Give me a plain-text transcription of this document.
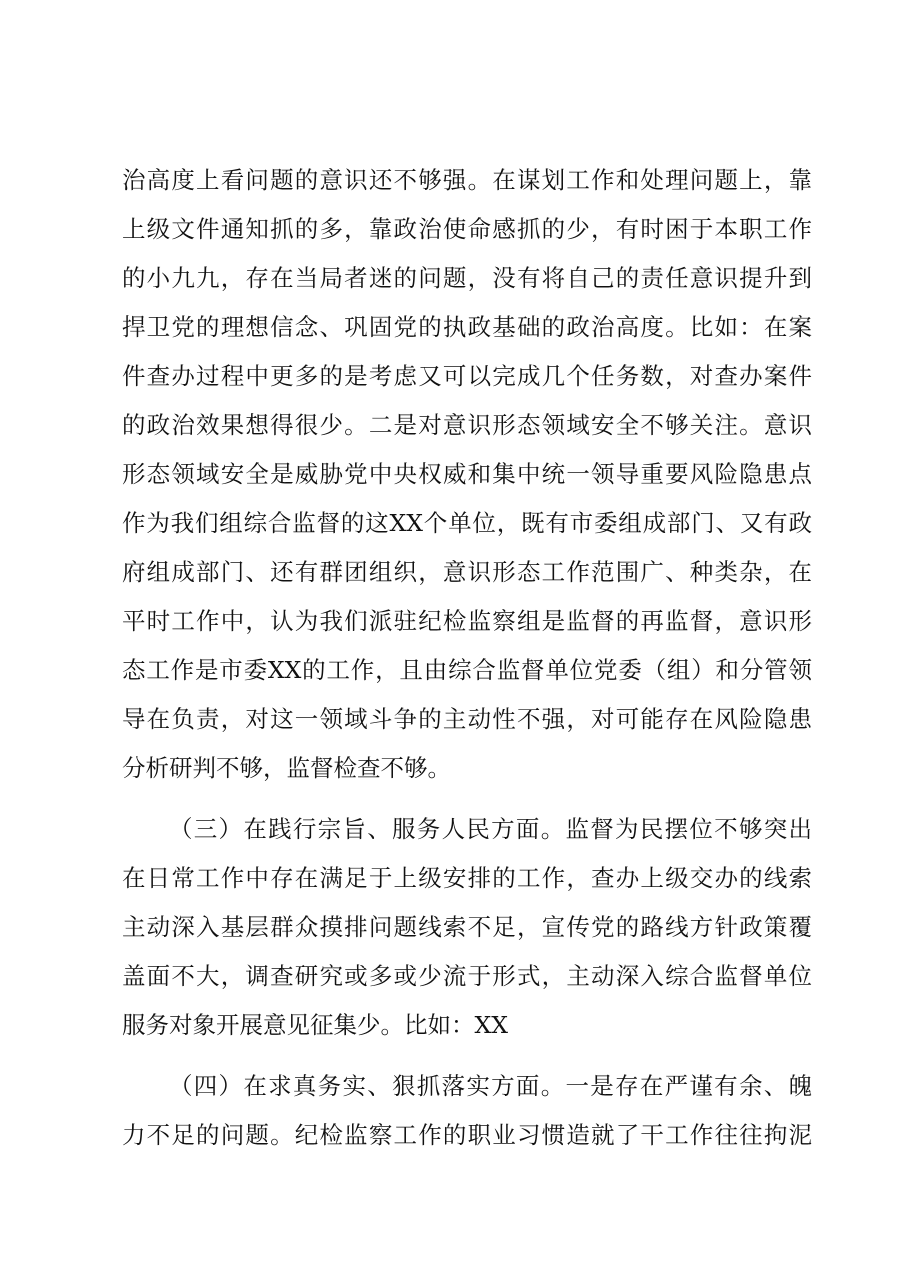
治高度上看问题的意识还不够强。在谋划工作和处理问题上，靠
上级文件通知抓的多，靠政治使命感抓的少，有时困于本职工作
的小九九，存在当局者迷的问题，没有将自己的责任意识提升到
捍卫党的理想信念、巩固党的执政基础的政治高度。比如：在案
件查办过程中更多的是考虑又可以完成几个任务数，对查办案件
的政治效果想得很少。二是对意识形态领域安全不够关注。意识
形态领域安全是威胁党中央权威和集中统一领导重要风险隐患点
作为我们组综合监督的这XX个单位，既有市委组成部门、又有政
府组成部门、还有群团组织，意识形态工作范围广、种类杂，在
平时工作中，认为我们派驻纪检监察组是监督的再监督，意识形
态工作是市委XX的工作，且由综合监督单位党委（组）和分管领
导在负责，对这一领域斗争的主动性不强，对可能存在风险隐患
分析研判不够，监督检查不够。
（三）在践行宗旨、服务人民方面。监督为民摆位不够突出
在日常工作中存在满足于上级安排的工作，查办上级交办的线索
主动深入基层群众摸排问题线索不足，宣传党的路线方针政策覆
盖面不大，调查研究或多或少流于形式，主动深入综合监督单位
服务对象开展意见征集少。比如：XX
（四）在求真务实、狠抓落实方面。一是存在严谨有余、魄
力不足的问题。纪检监察工作的职业习惯造就了干工作往往拘泥
